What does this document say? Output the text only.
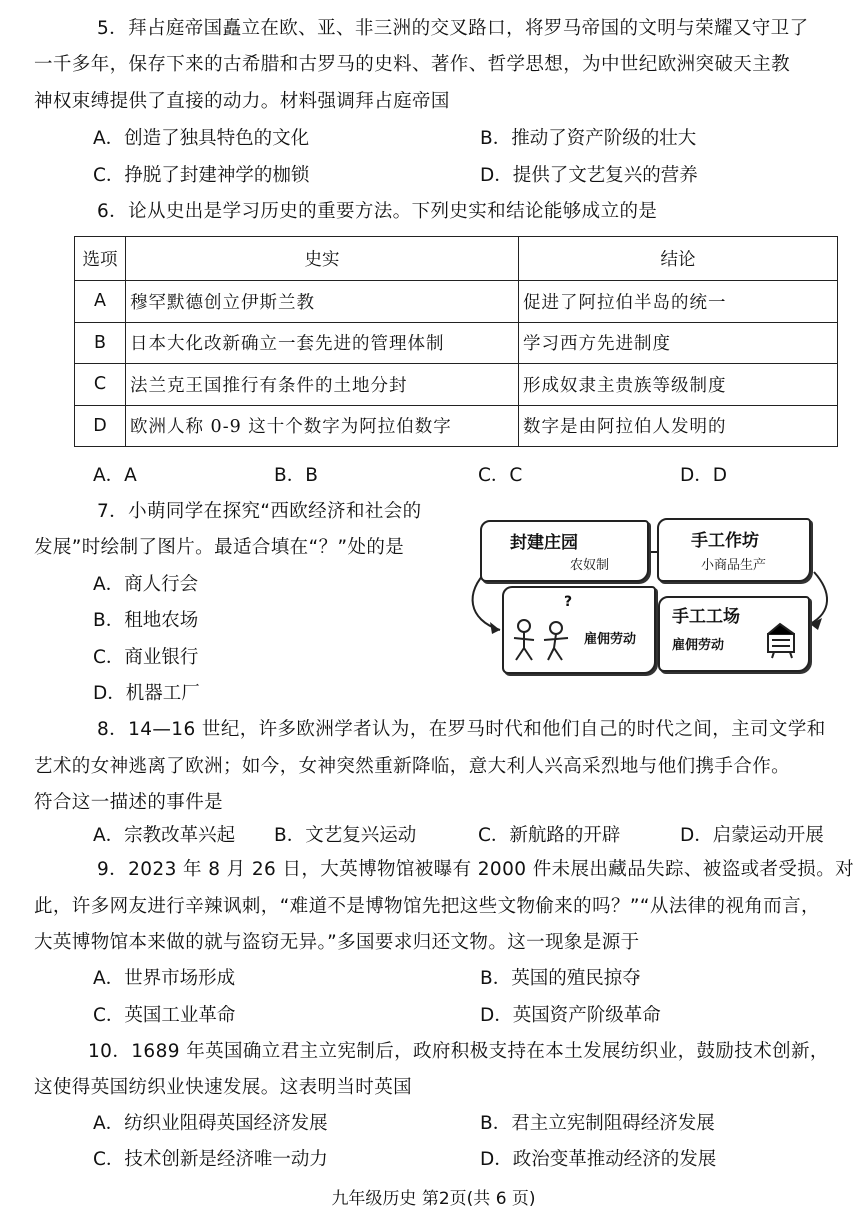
5．拜占庭帝国矗立在欧、亚、非三洲的交叉路口，将罗马帝国的文明与荣耀又守卫了
一千多年，保存下来的古希腊和古罗马的史料、著作、哲学思想，为中世纪欧洲突破天主教
神权束缚提供了直接的动力。材料强调拜占庭帝国
A．创造了独具特色的文化	B．推动了资产阶级的壮大
C．挣脱了封建神学的枷锁	D．提供了文艺复兴的营养
6．论从史出是学习历史的重要方法。下列史实和结论能够成立的是
选项	史实	结论
A	穆罕默德创立伊斯兰教	促进了阿拉伯半岛的统一
B	日本大化改新确立一套先进的管理体制	学习西方先进制度
C	法兰克王国推行有条件的土地分封	形成奴隶主贵族等级制度
D	欧洲人称 0-9 这十个数字为阿拉伯数字	数字是由阿拉伯人发明的
A．A	B．B	C．C	D．D
7．小萌同学在探究“西欧经济和社会的
发展”时绘制了图片。最适合填在“？”处的是
A．商人行会
B．租地农场
C．商业银行
D．机器工厂
封建庄园
农奴制
手工作坊
小商品生产
?
雇佣劳动
手工工场
雇佣劳动
8．14—16 世纪，许多欧洲学者认为，在罗马时代和他们自己的时代之间，主司文学和
艺术的女神逃离了欧洲；如今，女神突然重新降临，意大利人兴高采烈地与他们携手合作。
符合这一描述的事件是
A．宗教改革兴起 B．文艺复兴运动	C．新航路的开辟	D．启蒙运动开展
9．2023 年 8 月 26 日，大英博物馆被曝有 2000 件未展出藏品失踪、被盗或者受损。对
此，许多网友进行辛辣讽刺，“难道不是博物馆先把这些文物偷来的吗？”“从法律的视角而言，
大英博物馆本来做的就与盗窃无异。”多国要求归还文物。这一现象是源于
A．世界市场形成	B．英国的殖民掠夺
C．英国工业革命	D．英国资产阶级革命
10．1689 年英国确立君主立宪制后，政府积极支持在本土发展纺织业，鼓励技术创新，
这使得英国纺织业快速发展。这表明当时英国
A．纺织业阻碍英国经济发展	B．君主立宪制阻碍经济发展
C．技术创新是经济唯一动力	D．政治变革推动经济的发展
九年级历史 第2页(共 6 页)
